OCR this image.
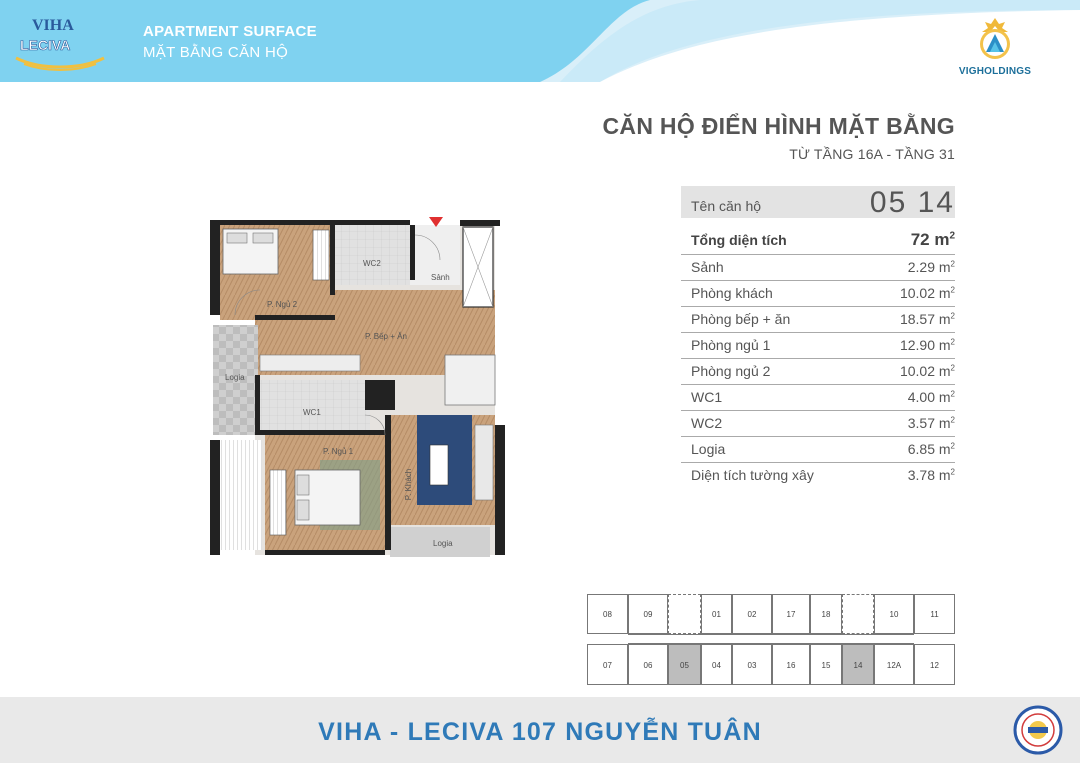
VIHA
LECIVA
APARTMENT SURFACE
MẶT BẰNG CĂN HỘ
VIGHOLDINGS
CĂN HỘ ĐIỂN HÌNH MẶT BẰNG
TỪ TẦNG 16A - TẦNG 31
Tên căn hộ	05 14
Tổng diện tích	72 $m^2$
Sảnh	2.29 $m^2$
Phòng khách	10.02 $m^2$
Phòng bếp + ăn	18.57 $m^2$
Phòng ngủ 1	12.90 $m^2$
Phòng ngủ 2	10.02 $m^2$
WC1	4.00 $m^2$
WC2	3.57 $m^2$
Logia	6.85 $m^2$
Diện tích tường xây	3.78 $m^2$
P. Ngủ 2
WC2
Sảnh
P. Bếp + Ăn
Logia
WC1
P. Ngủ 1
P. Khách
Logia
08	09	01	02	17	18	10	11
07	06	05	04	03	16	15	14	12A	12
VIHA - LECIVA 107 NGUYỄN TUÂN
